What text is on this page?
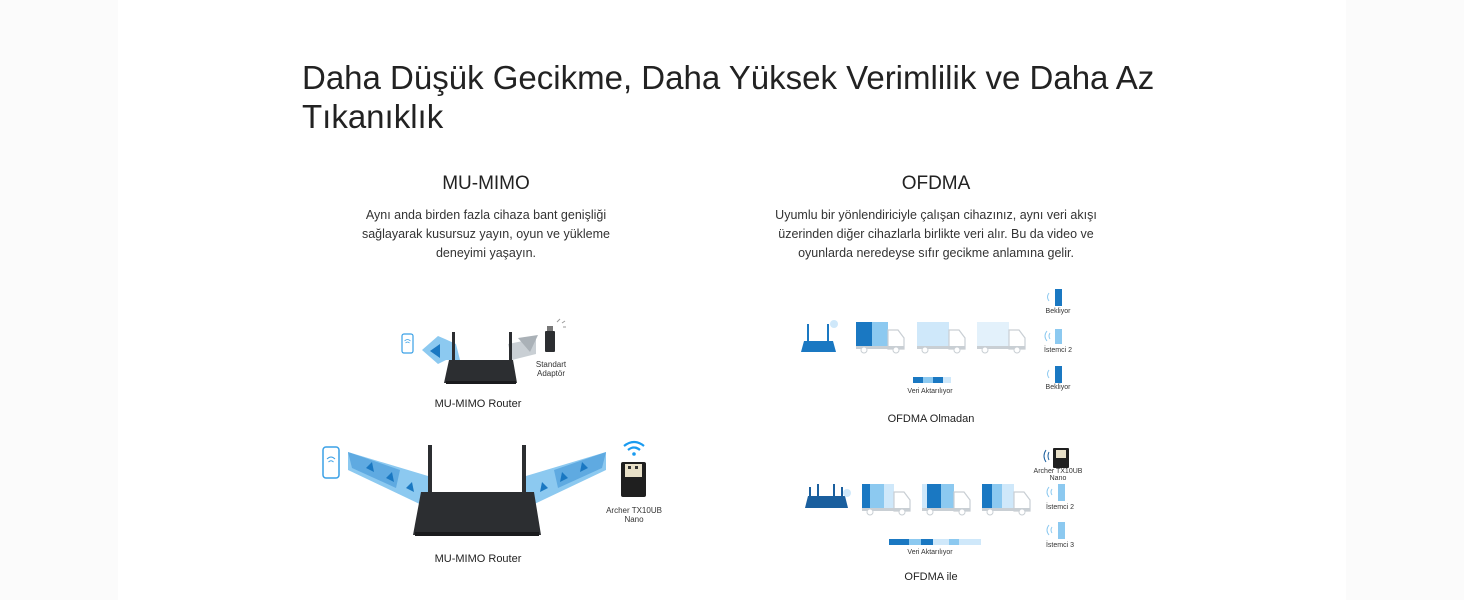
Daha Düşük Gecikme, Daha Yüksek Verimlilik ve Daha Az Tıkanıklık
MU-MIMO
Aynı anda birden fazla cihaza bant genişliği sağlayarak kusursuz yayın, oyun ve yükleme deneyimi yaşayın.
OFDMA
Uyumlu bir yönlendiriciyle çalışan cihazınız, aynı veri akışı üzerinden diğer cihazlarla birlikte veri alır. Bu da video ve oyunlarda neredeyse sıfır gecikme anlamına gelir.
Standart Adaptör
MU-MIMO Router
Archer TX10UB Nano
MU-MIMO Router
Veri Aktarılıyor
Bekliyor
İstemci 2
Bekliyor
OFDMA Olmadan
Veri Aktarılıyor
Archer TX10UB Nano
İstemci 2
İstemci 3
OFDMA ile
